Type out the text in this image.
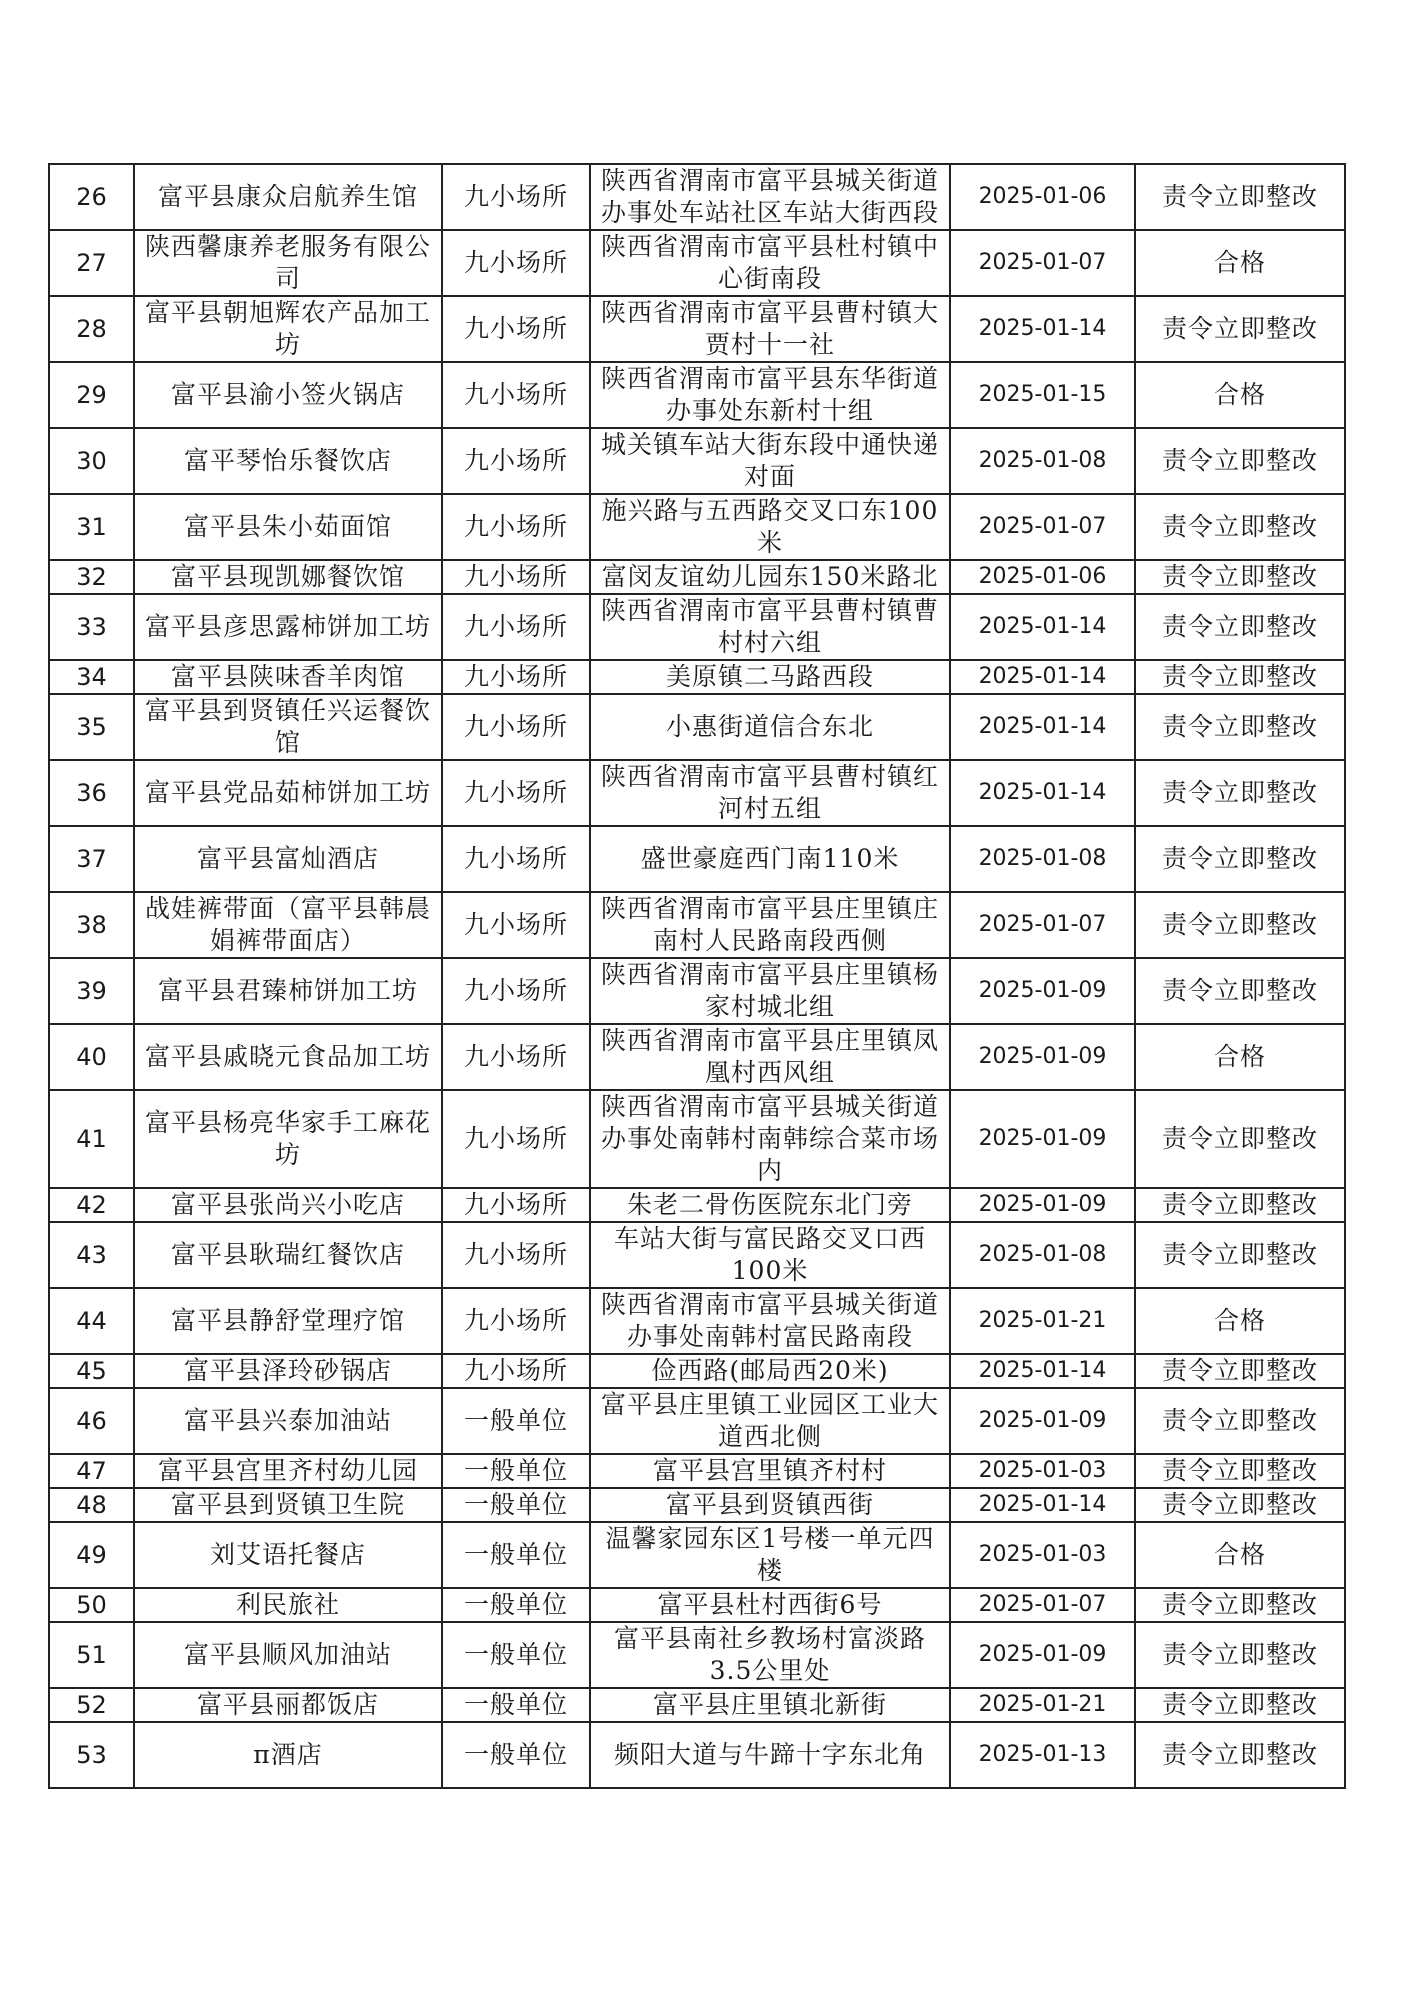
26	富平县康众启航养生馆	九小场所	陕西省渭南市富平县城关街道办事处车站社区车站大街西段	2025-01-06	责令立即整改
27	陕西馨康养老服务有限公司	九小场所	陕西省渭南市富平县杜村镇中心街南段	2025-01-07	合格
28	富平县朝旭辉农产品加工坊	九小场所	陕西省渭南市富平县曹村镇大贾村十一社	2025-01-14	责令立即整改
29	富平县渝小签火锅店	九小场所	陕西省渭南市富平县东华街道办事处东新村十组	2025-01-15	合格
30	富平琴怡乐餐饮店	九小场所	城关镇车站大街东段中通快递对面	2025-01-08	责令立即整改
31	富平县朱小茹面馆	九小场所	施兴路与五西路交叉口东100米	2025-01-07	责令立即整改
32	富平县现凯娜餐饮馆	九小场所	富闵友谊幼儿园东150米路北	2025-01-06	责令立即整改
33	富平县彦思露柿饼加工坊	九小场所	陕西省渭南市富平县曹村镇曹村村六组	2025-01-14	责令立即整改
34	富平县陕味香羊肉馆	九小场所	美原镇二马路西段	2025-01-14	责令立即整改
35	富平县到贤镇任兴运餐饮馆	九小场所	小惠街道信合东北	2025-01-14	责令立即整改
36	富平县党品茹柿饼加工坊	九小场所	陕西省渭南市富平县曹村镇红河村五组	2025-01-14	责令立即整改
37	富平县富灿酒店	九小场所	盛世豪庭西门南110米	2025-01-08	责令立即整改
38	战娃裤带面（富平县韩晨娟裤带面店）	九小场所	陕西省渭南市富平县庄里镇庄南村人民路南段西侧	2025-01-07	责令立即整改
39	富平县君臻柿饼加工坊	九小场所	陕西省渭南市富平县庄里镇杨家村城北组	2025-01-09	责令立即整改
40	富平县戚晓元食品加工坊	九小场所	陕西省渭南市富平县庄里镇凤凰村西风组	2025-01-09	合格
41	富平县杨亮华家手工麻花坊	九小场所	陕西省渭南市富平县城关街道办事处南韩村南韩综合菜市场内	2025-01-09	责令立即整改
42	富平县张尚兴小吃店	九小场所	朱老二骨伤医院东北门旁	2025-01-09	责令立即整改
43	富平县耿瑞红餐饮店	九小场所	车站大街与富民路交叉口西100米	2025-01-08	责令立即整改
44	富平县静舒堂理疗馆	九小场所	陕西省渭南市富平县城关街道办事处南韩村富民路南段	2025-01-21	合格
45	富平县泽玲砂锅店	九小场所	俭西路(邮局西20米)	2025-01-14	责令立即整改
46	富平县兴泰加油站	一般单位	富平县庄里镇工业园区工业大道西北侧	2025-01-09	责令立即整改
47	富平县宫里齐村幼儿园	一般单位	富平县宫里镇齐村村	2025-01-03	责令立即整改
48	富平县到贤镇卫生院	一般单位	富平县到贤镇西街	2025-01-14	责令立即整改
49	刘艾语托餐店	一般单位	温馨家园东区1号楼一单元四楼	2025-01-03	合格
50	利民旅社	一般单位	富平县杜村西街6号	2025-01-07	责令立即整改
51	富平县顺风加油站	一般单位	富平县南社乡教场村富淡路3.5公里处	2025-01-09	责令立即整改
52	富平县丽都饭店	一般单位	富平县庄里镇北新街	2025-01-21	责令立即整改
53	π酒店	一般单位	频阳大道与牛蹄十字东北角	2025-01-13	责令立即整改
